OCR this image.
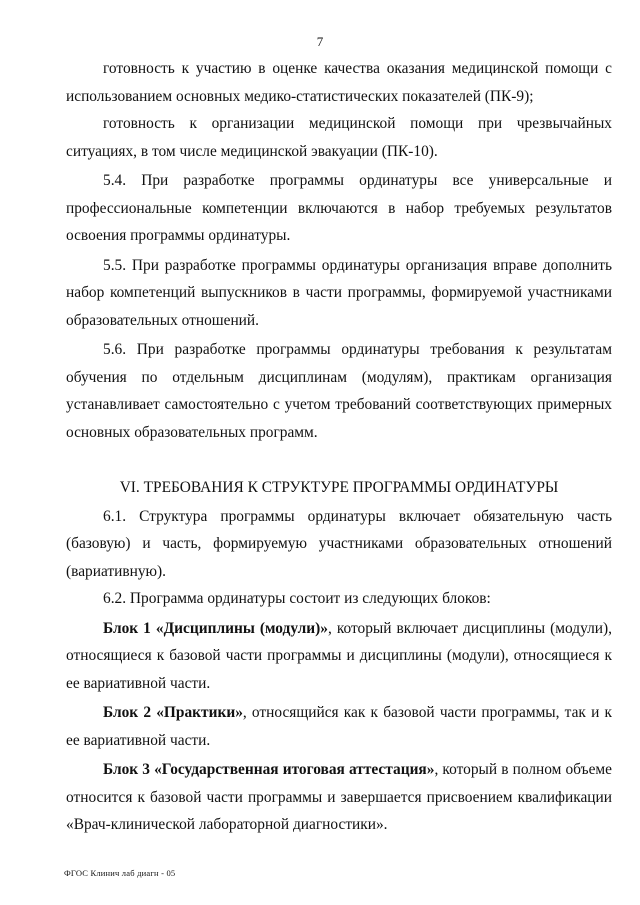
7

готовность к участию в оценке качества оказания медицинской помощи с использованием основных медико-статистических показателей (ПК-9);

готовность к организации медицинской помощи при чрезвычайных ситуациях, в том числе медицинской эвакуации (ПК-10).

5.4. При разработке программы ординатуры все универсальные и профессиональные компетенции включаются в набор требуемых результатов освоения программы ординатуры.

5.5. При разработке программы ординатуры организация вправе дополнить набор компетенций выпускников в части программы, формируемой участниками образовательных отношений.

5.6. При разработке программы ординатуры требования к результатам обучения по отдельным дисциплинам (модулям), практикам организация устанавливает самостоятельно с учетом требований соответствующих примерных основных образовательных программ.

VI. ТРЕБОВАНИЯ К СТРУКТУРЕ ПРОГРАММЫ ОРДИНАТУРЫ

6.1. Структура программы ординатуры включает обязательную часть (базовую) и часть, формируемую участниками образовательных отношений (вариативную).

6.2. Программа ординатуры состоит из следующих блоков:

Блок 1 «Дисциплины (модули)», который включает дисциплины (модули), относящиеся к базовой части программы и дисциплины (модули), относящиеся к ее вариативной части.

Блок 2 «Практики», относящийся как к базовой части программы, так и к ее вариативной части.

Блок 3 «Государственная итоговая аттестация», который в полном объеме относится к базовой части программы и завершается присвоением квалификации «Врач-клинической лабораторной диагностики».

ФГОС Клинич лаб диагн - 05
